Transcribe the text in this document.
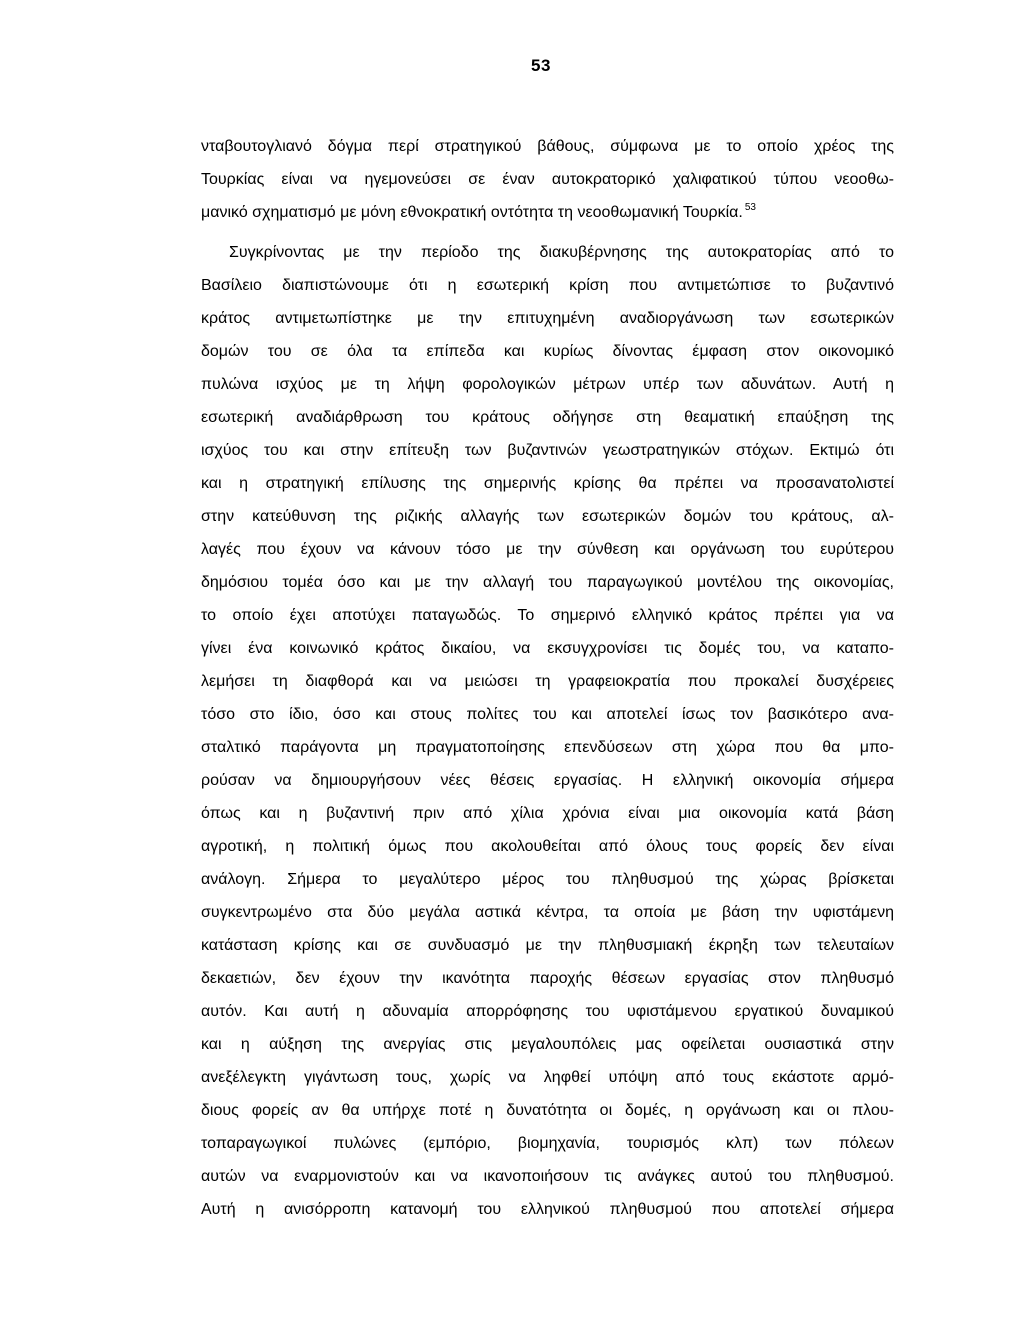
53
νταβουτογλιανό δόγμα περί στρατηγικού βάθους, σύμφωνα με το οποίο χρέος της
Τουρκίας είναι να ηγεμονεύσει σε έναν αυτοκρατορικό χαλιφατικού τύπου νεοοθω-
μανικό σχηματισμό με μόνη εθνοκρατική οντότητα τη νεοοθωμανική Τουρκία. $^{53}$
Συγκρίνοντας με την περίοδο της διακυβέρνησης της αυτοκρατορίας από το
Βασίλειο διαπιστώνουμε ότι η εσωτερική κρίση που αντιμετώπισε το βυζαντινό
κράτος αντιμετωπίστηκε με την επιτυχημένη αναδιοργάνωση των εσωτερικών
δομών του σε όλα τα επίπεδα και κυρίως δίνοντας έμφαση στον οικονομικό
πυλώνα ισχύος με τη λήψη φορολογικών μέτρων υπέρ των αδυνάτων. Αυτή η
εσωτερική αναδιάρθρωση του κράτους οδήγησε στη θεαματική επαύξηση της
ισχύος του και στην επίτευξη των βυζαντινών γεωστρατηγικών στόχων. Εκτιμώ ότι
και η στρατηγική επίλυσης της σημερινής κρίσης θα πρέπει να προσανατολιστεί
στην κατεύθυνση της ριζικής αλλαγής των εσωτερικών δομών του κράτους, αλ-
λαγές που έχουν να κάνουν τόσο με την σύνθεση και οργάνωση του ευρύτερου
δημόσιου τομέα όσο και με την αλλαγή του παραγωγικού μοντέλου της οικονομίας,
το οποίο έχει αποτύχει παταγωδώς. Το σημερινό ελληνικό κράτος πρέπει για να
γίνει ένα κοινωνικό κράτος δικαίου, να εκσυγχρονίσει τις δομές του, να καταπο-
λεμήσει τη διαφθορά και να μειώσει τη γραφειοκρατία που προκαλεί δυσχέρειες
τόσο στο ίδιο, όσο και στους πολίτες του και αποτελεί ίσως τον βασικότερο ανα-
σταλτικό παράγοντα μη πραγματοποίησης επενδύσεων στη χώρα που θα μπο-
ρούσαν να δημιουργήσουν νέες θέσεις εργασίας. Η ελληνική οικονομία σήμερα
όπως και η βυζαντινή πριν από χίλια χρόνια είναι μια οικονομία κατά βάση
αγροτική, η πολιτική όμως που ακολουθείται από όλους τους φορείς δεν είναι
ανάλογη. Σήμερα το μεγαλύτερο μέρος του πληθυσμού της χώρας βρίσκεται
συγκεντρωμένο στα δύο μεγάλα αστικά κέντρα, τα οποία με βάση την υφιστάμενη
κατάσταση κρίσης και σε συνδυασμό με την πληθυσμιακή έκρηξη των τελευταίων
δεκαετιών, δεν έχουν την ικανότητα παροχής θέσεων εργασίας στον πληθυσμό
αυτόν. Και αυτή η αδυναμία απορρόφησης του υφιστάμενου εργατικού δυναμικού
και η αύξηση της ανεργίας στις μεγαλουπόλεις μας οφείλεται ουσιαστικά στην
ανεξέλεγκτη γιγάντωση τους, χωρίς να ληφθεί υπόψη από τους εκάστοτε αρμό-
διους φορείς αν θα υπήρχε ποτέ η δυνατότητα οι δομές, η οργάνωση και οι πλου-
τοπαραγωγικοί πυλώνες (εμπόριο, βιομηχανία, τουρισμός κλπ) των πόλεων
αυτών να εναρμονιστούν και να ικανοποιήσουν τις ανάγκες αυτού του πληθυσμού.
Αυτή η ανισόρροπη κατανομή του ελληνικού πληθυσμού που αποτελεί σήμερα
